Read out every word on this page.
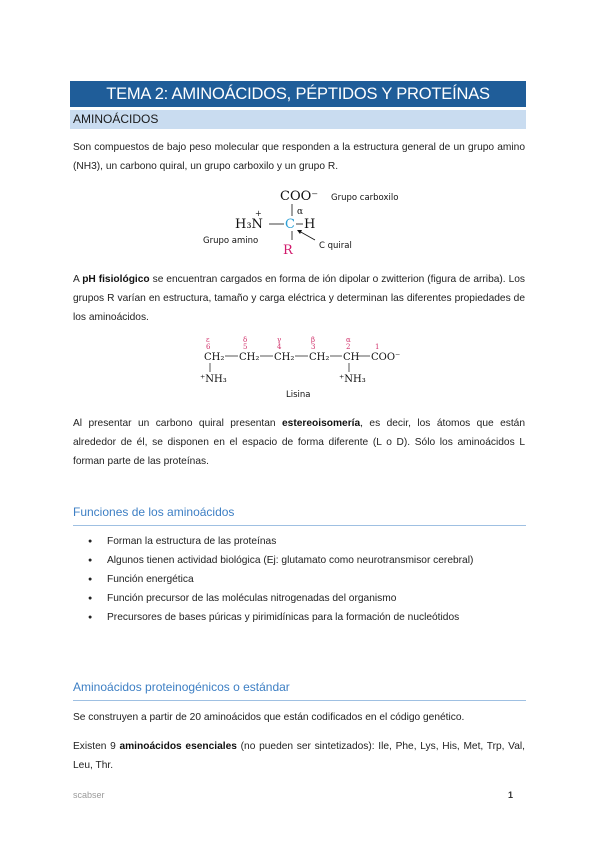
TEMA 2: AMINOÁCIDOS, PÉPTIDOS Y PROTEÍNAS
AMINOÁCIDOS

Son compuestos de bajo peso molecular que responden a la estructura general de un grupo amino (NH3), un carbono quiral, un grupo carboxilo y un grupo R.

COO⁻ Grupo carboxilo
α
H₃N
+
C H
R
Grupo amino	C quiral

A pH fisiológico se encuentran cargados en forma de ión dipolar o zwitterion (figura de arriba). Los grupos R varían en estructura, tamaño y carga eléctrica y determinan las diferentes propiedades de los aminoácidos.

ε
6
δ
5
γ
4
β
3
α
2	1
CH₂ CH₂ CH₂ CH₂ CH COO⁻
⁺NH₃	⁺NH₃
Lisina

Al presentar un carbono quiral presentan estereoisomería, es decir, los átomos que están alrededor de él, se disponen en el espacio de forma diferente (L o D). Sólo los aminoácidos L forman parte de las proteínas.

Funciones de los aminoácidos
● Forman la estructura de las proteínas
● Algunos tienen actividad biológica (Ej: glutamato como neurotransmisor cerebral)
● Función energética
● Función precursor de las moléculas nitrogenadas del organismo
● Precursores de bases púricas y pirimidínicas para la formación de nucleótidos
Aminoácidos proteinogénicos o estándar

Se construyen a partir de 20 aminoácidos que están codificados en el código genético.

Existen 9 aminoácidos esenciales (no pueden ser sintetizados): Ile, Phe, Lys, His, Met, Trp, Val, Leu, Thr.

scabser	1
